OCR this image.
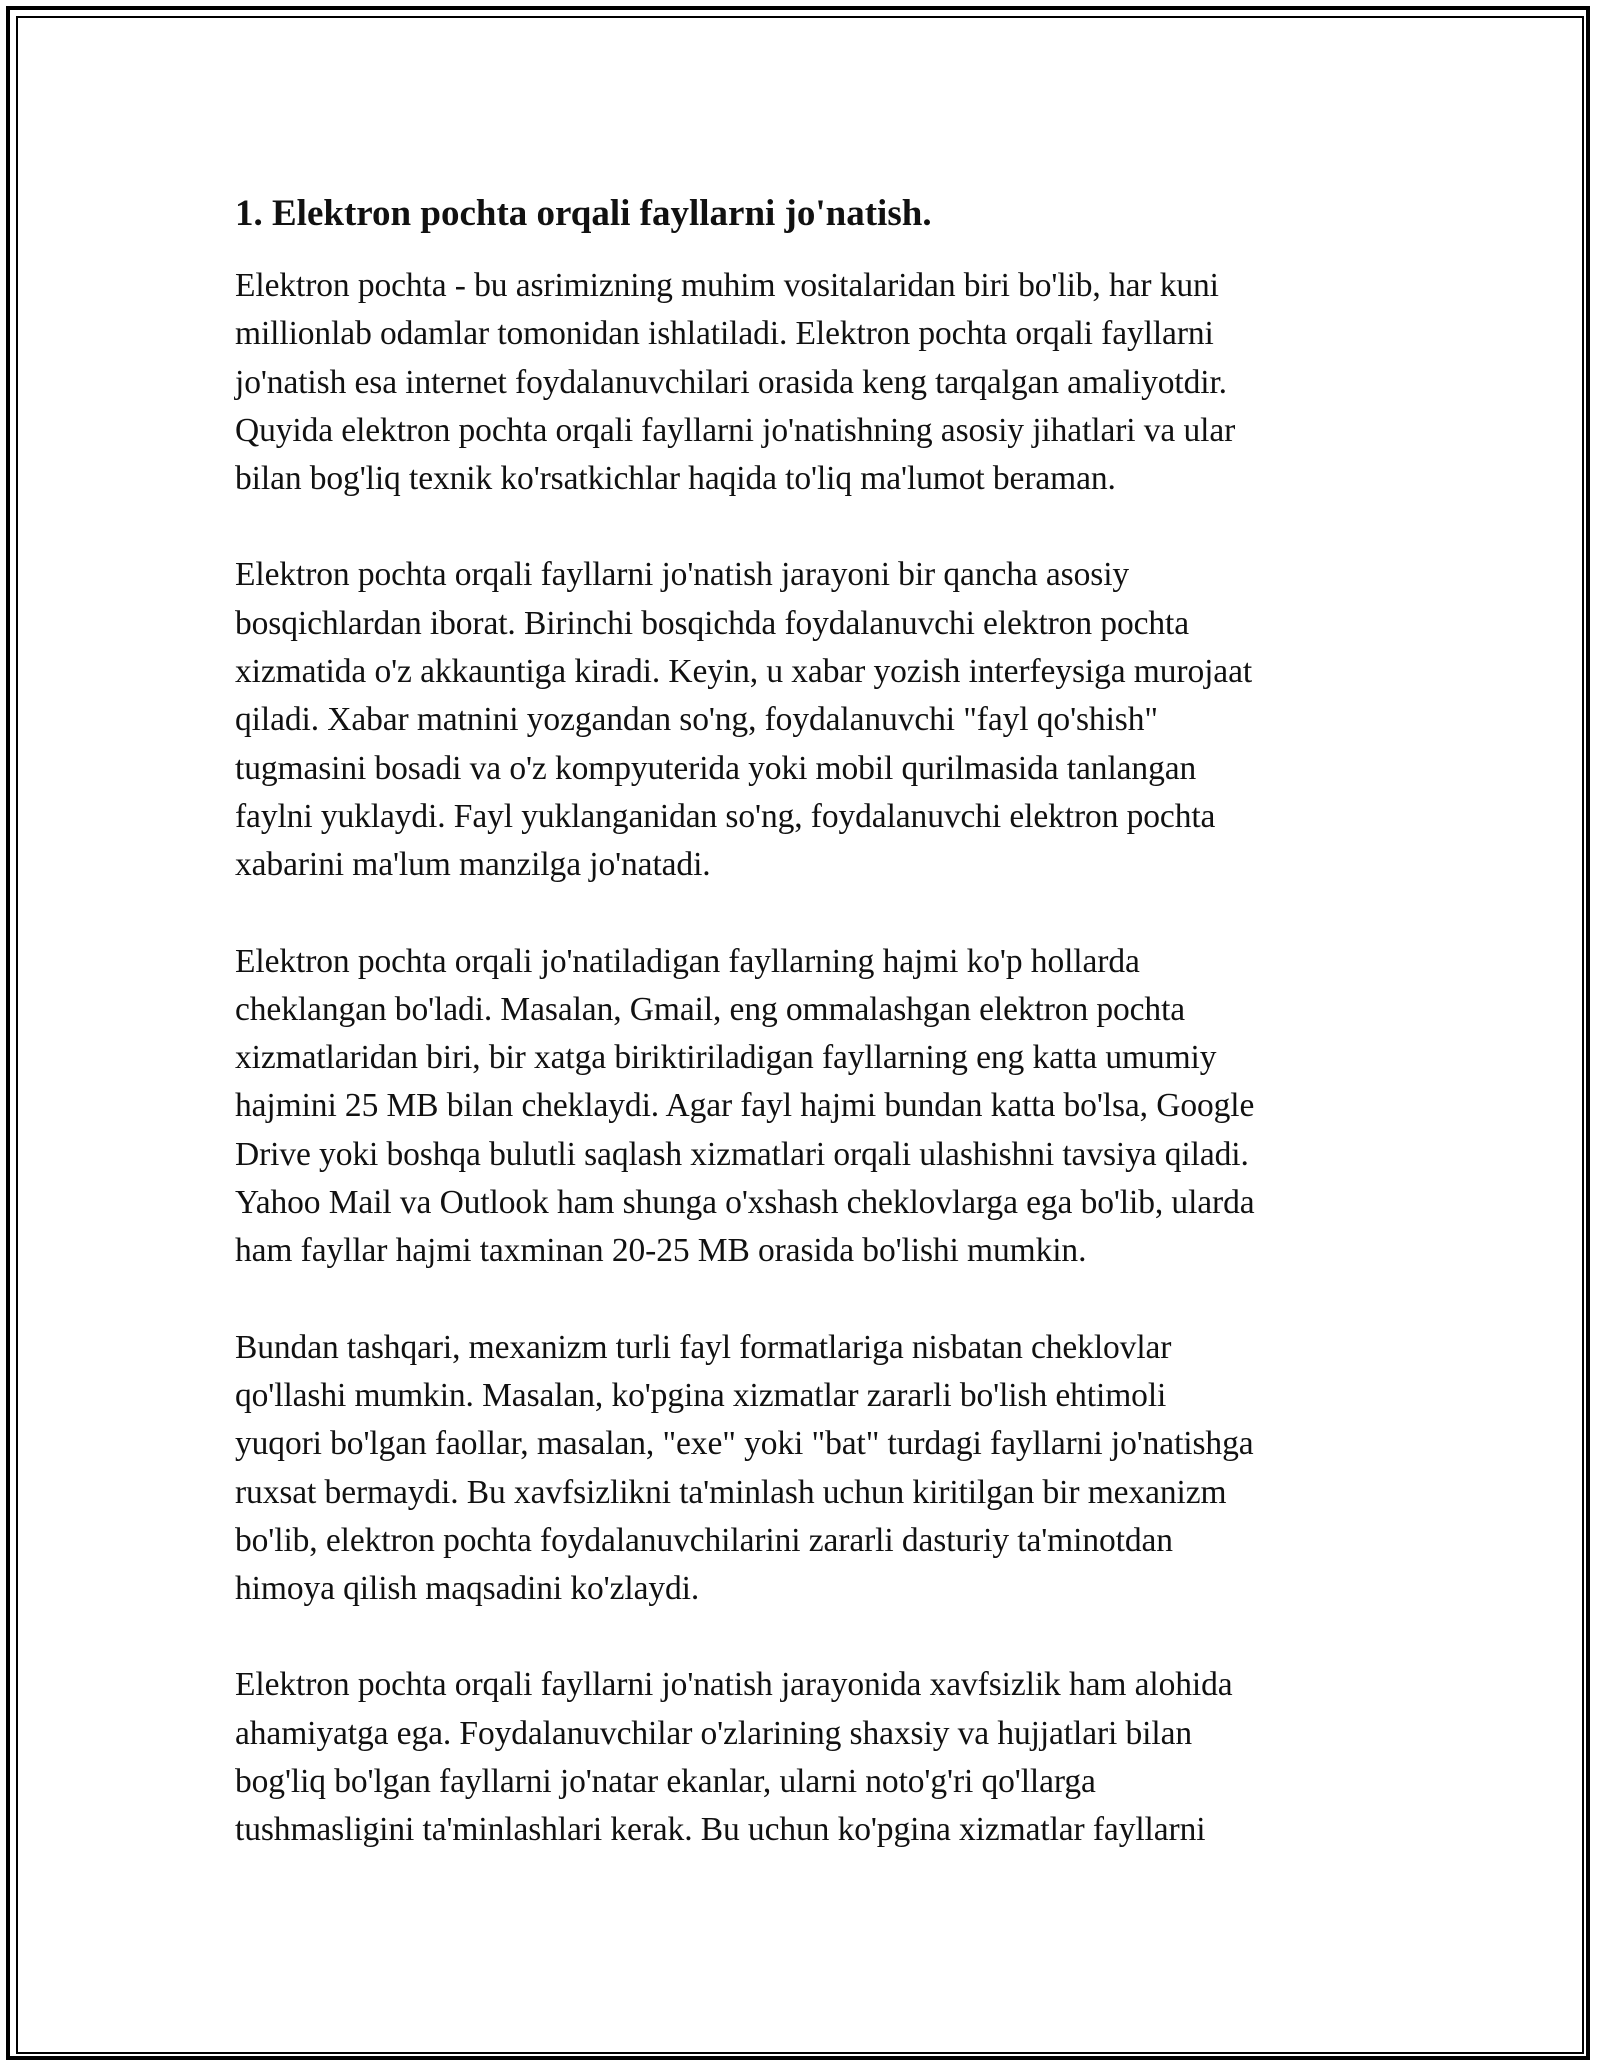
1. Elektron pochta orqali fayllarni jo'natish.

Elektron pochta - bu asrimizning muhim vositalaridan biri bo'lib, har kuni
millionlab odamlar tomonidan ishlatiladi. Elektron pochta orqali fayllarni
jo'natish esa internet foydalanuvchilari orasida keng tarqalgan amaliyotdir.
Quyida elektron pochta orqali fayllarni jo'natishning asosiy jihatlari va ular
bilan bog'liq texnik ko'rsatkichlar haqida to'liq ma'lumot beraman.

Elektron pochta orqali fayllarni jo'natish jarayoni bir qancha asosiy
bosqichlardan iborat. Birinchi bosqichda foydalanuvchi elektron pochta
xizmatida o'z akkauntiga kiradi. Keyin, u xabar yozish interfeysiga murojaat
qiladi. Xabar matnini yozgandan so'ng, foydalanuvchi "fayl qo'shish"
tugmasini bosadi va o'z kompyuterida yoki mobil qurilmasida tanlangan
faylni yuklaydi. Fayl yuklanganidan so'ng, foydalanuvchi elektron pochta
xabarini ma'lum manzilga jo'natadi.

Elektron pochta orqali jo'natiladigan fayllarning hajmi ko'p hollarda
cheklangan bo'ladi. Masalan, Gmail, eng ommalashgan elektron pochta
xizmatlaridan biri, bir xatga biriktiriladigan fayllarning eng katta umumiy
hajmini 25 MB bilan cheklaydi. Agar fayl hajmi bundan katta bo'lsa, Google
Drive yoki boshqa bulutli saqlash xizmatlari orqali ulashishni tavsiya qiladi.
Yahoo Mail va Outlook ham shunga o'xshash cheklovlarga ega bo'lib, ularda
ham fayllar hajmi taxminan 20-25 MB orasida bo'lishi mumkin.

Bundan tashqari, mexanizm turli fayl formatlariga nisbatan cheklovlar
qo'llashi mumkin. Masalan, ko'pgina xizmatlar zararli bo'lish ehtimoli
yuqori bo'lgan faollar, masalan, "exe" yoki "bat" turdagi fayllarni jo'natishga
ruxsat bermaydi. Bu xavfsizlikni ta'minlash uchun kiritilgan bir mexanizm
bo'lib, elektron pochta foydalanuvchilarini zararli dasturiy ta'minotdan
himoya qilish maqsadini ko'zlaydi.

Elektron pochta orqali fayllarni jo'natish jarayonida xavfsizlik ham alohida
ahamiyatga ega. Foydalanuvchilar o'zlarining shaxsiy va hujjatlari bilan
bog'liq bo'lgan fayllarni jo'natar ekanlar, ularni noto'g'ri qo'llarga
tushmasligini ta'minlashlari kerak. Bu uchun ko'pgina xizmatlar fayllarni
